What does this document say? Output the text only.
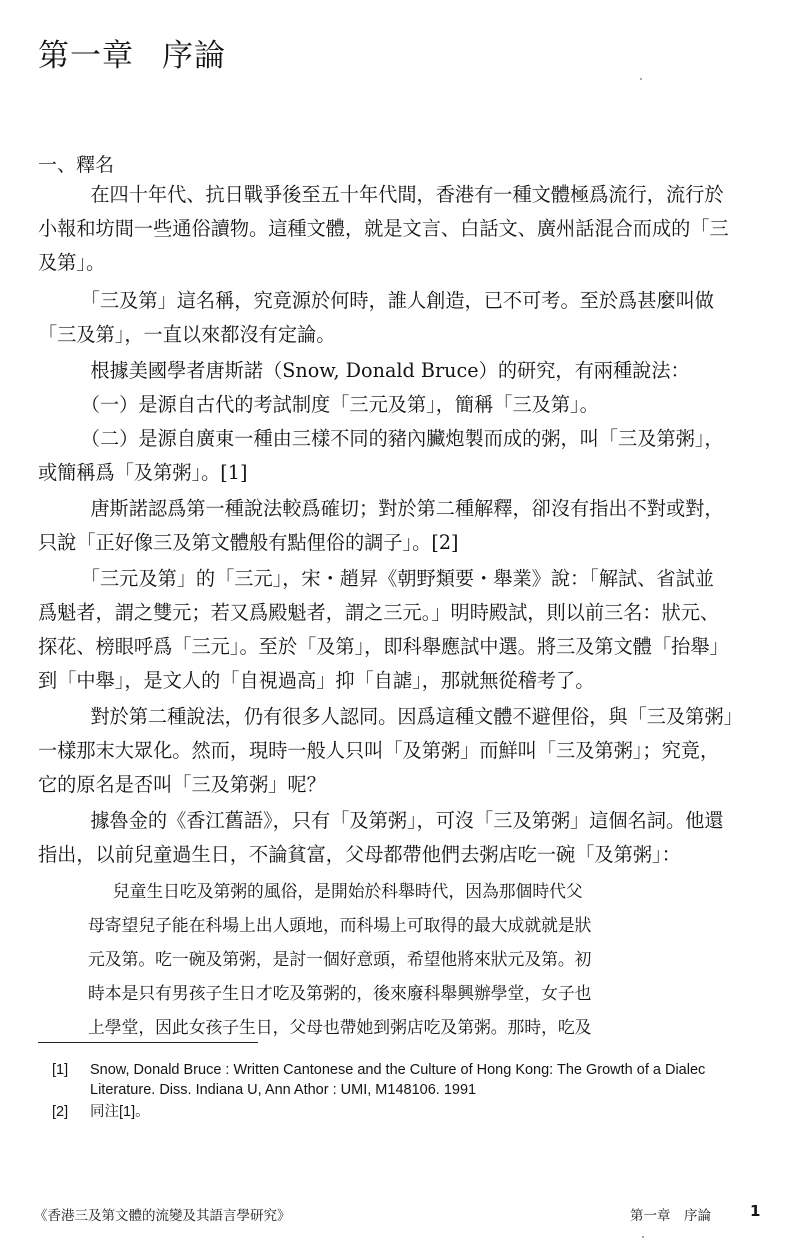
第一章 序論
一、釋名
　　在四十年代、抗日戰爭後至五十年代間，香港有一種文體極爲流行，流行於
小報和坊間一些通俗讀物。這種文體，就是文言、白話文、廣州話混合而成的「三
及第」。
　　「三及第」這名稱，究竟源於何時，誰人創造，已不可考。至於爲甚麼叫做
「三及第」，一直以來都沒有定論。
　　根據美國學者唐斯諾（Snow, Donald Bruce）的研究，有兩種說法：
　　（一）是源自古代的考試制度「三元及第」，簡稱「三及第」。
　　（二）是源自廣東一種由三樣不同的豬內臟炮製而成的粥，叫「三及第粥」，
或簡稱爲「及第粥」。[1]
　　唐斯諾認爲第一種說法較爲確切；對於第二種解釋，卻沒有指出不對或對，
只說「正好像三及第文體般有點俚俗的調子」。[2]
　　「三元及第」的「三元」，宋・趙昇《朝野類要・舉業》說：「解試、省試並
爲魁者，謂之雙元；若又爲殿魁者，謂之三元。」明時殿試，則以前三名：狀元、
探花、榜眼呼爲「三元」。至於「及第」，即科舉應試中選。將三及第文體「抬舉」
到「中舉」，是文人的「自視過高」抑「自謔」，那就無從稽考了。
　　對於第二種說法，仍有很多人認同。因爲這種文體不避俚俗，與「三及第粥」
一樣那末大眾化。然而，現時一般人只叫「及第粥」而鮮叫「三及第粥」；究竟，
它的原名是否叫「三及第粥」呢？
　　據魯金的《香江舊語》，只有「及第粥」，可沒「三及第粥」這個名詞。他還
指出，以前兒童過生日，不論貧富，父母都帶他們去粥店吃一碗「及第粥」：
　兒童生日吃及第粥的風俗，是開始於科舉時代，因為那個時代父
母寄望兒子能在科場上出人頭地，而科場上可取得的最大成就就是狀
元及第。吃一碗及第粥，是討一個好意頭，希望他將來狀元及第。初
時本是只有男孩子生日才吃及第粥的，後來廢科舉興辦學堂，女子也
上學堂，因此女孩子生日，父母也帶她到粥店吃及第粥。那時，吃及
[1] Snow, Donald Bruce : Written Cantonese and the Culture of Hong Kong: The Growth of a Dialec
Literature. Diss. Indiana U, Ann Athor : UMI, M148106. 1991
[2] 同注[1]。
《香港三及第文體的流變及其語言學研究》	第一章　序論	1
